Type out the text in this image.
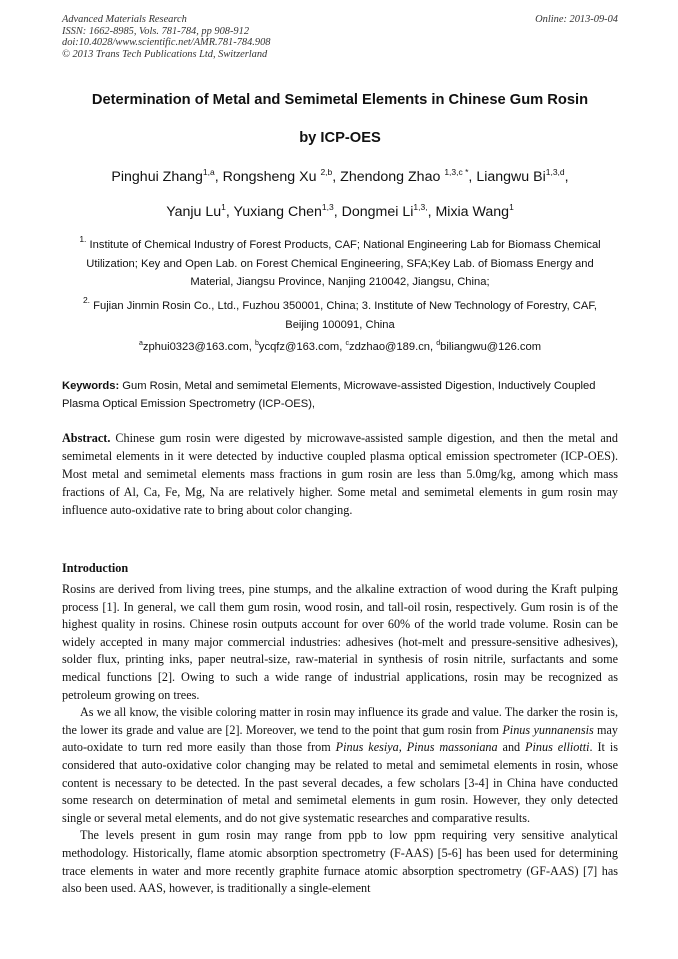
Advanced Materials Research
ISSN: 1662-8985, Vols. 781-784, pp 908-912
doi:10.4028/www.scientific.net/AMR.781-784.908
© 2013 Trans Tech Publications Ltd, Switzerland
Online: 2013-09-04
Determination of Metal and Semimetal Elements in Chinese Gum Rosin
by ICP-OES
Pinghui Zhang$^{1,a}$, Rongsheng Xu $^{2,b}$, Zhendong Zhao $^{1,3,c *}$, Liangwu Bi$^{1,3,d}$,
Yanju Lu$^1$, Yuxiang Chen$^{1,3}$, Dongmei $Li^{1,3,}$, Mixia Wang$^1$
$^{1.}$ Institute of Chemical Industry of Forest Products, CAF; National Engineering Lab for Biomass Chemical Utilization; Key and Open Lab. on Forest Chemical Engineering, SFA;Key Lab. of Biomass Energy and Material, Jiangsu Province, Nanjing 210042, Jiangsu, China;
$^{2.}$ Fujian Jinmin Rosin Co., Ltd., Fuzhou 350001, China; 3. Institute of New Technology of Forestry, CAF, Beijing 100091, China
$^a$zphui0323@163.com, $^b$ycqfz@163.com, $^c$zdzhao@189.cn, $^d$biliangwu@126.com
Keywords: Gum Rosin, Metal and semimetal Elements, Microwave-assisted Digestion, Inductively Coupled Plasma Optical Emission Spectrometry (ICP-OES),
Abstract. Chinese gum rosin were digested by microwave-assisted sample digestion, and then the metal and semimetal elements in it were detected by inductive coupled plasma optical emission spectrometer (ICP-OES). Most metal and semimetal elements mass fractions in gum rosin are less than 5.0mg/kg, among which mass fractions of Al, Ca, Fe, Mg, Na are relatively higher. Some metal and semimetal elements in gum rosin may influence auto-oxidative rate to bring about color changing.
Introduction

Rosins are derived from living trees, pine stumps, and the alkaline extraction of wood during the Kraft pulping process [1]. In general, we call them gum rosin, wood rosin, and tall-oil rosin, respectively. Gum rosin is of the highest quality in rosins. Chinese rosin outputs account for over 60% of the world trade volume. Rosin can be widely accepted in many major commercial industries: adhesives (hot-melt and pressure-sensitive adhesives), solder flux, printing inks, paper neutral-size, raw-material in synthesis of rosin nitrile, surfactants and some medical functions [2]. Owing to such a wide range of industrial applications, rosin may be recognized as petroleum growing on trees.

As we all know, the visible coloring matter in rosin may influence its grade and value. The darker the rosin is, the lower its grade and value are [2]. Moreover, we tend to the point that gum rosin from Pinus yunnanensis may auto-oxidate to turn red more easily than those from Pinus kesiya, Pinus massoniana and Pinus elliotti. It is considered that auto-oxidative color changing may be related to metal and semimetal elements in rosin, whose content is necessary to be detected. In the past several decades, a few scholars [3-4] in China have conducted some research on determination of metal and semimetal elements in gum rosin. However, they only detected single or several metal elements, and do not give systematic researches and comparative results.

The levels present in gum rosin may range from ppb to low ppm requiring very sensitive analytical methodology. Historically, flame atomic absorption spectrometry (F-AAS) [5-6] has been used for determining trace elements in water and more recently graphite furnace atomic absorption spectrometry (GF-AAS) [7] has also been used. AAS, however, is traditionally a single-element
